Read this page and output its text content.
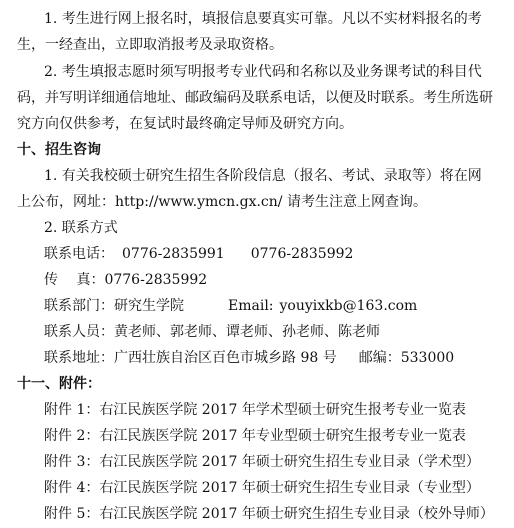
1. 考生进行网上报名时，填报信息要真实可靠。凡以不实材料报名的考
生，一经查出，立即取消报考及录取资格。
2. 考生填报志愿时须写明报考专业代码和名称以及业务课考试的科目代
码，并写明详细通信地址、邮政编码及联系电话，以便及时联系。考生所选研
究方向仅供参考，在复试时最终确定导师及研究方向。
十、招生咨询
1. 有关我校硕士研究生招生各阶段信息（报名、考试、录取等）将在网
上公布，网址：http://www.ymcn.gx.cn/ 请考生注意上网查询。
2. 联系方式
联系电话： 0776-2835991 0776-2835992
传　 真：0776-2835992
联系部门：研究生学院	Email: youyixkb@163.com
联系人员：黄老师、郭老师、谭老师、孙老师、陈老师
联系地址：广西壮族自治区百色市城乡路 98 号 邮编：533000
十一、附件：
附件 1：右江民族医学院 2017 年学术型硕士研究生报考专业一览表
附件 2：右江民族医学院 2017 年专业型硕士研究生报考专业一览表
附件 3：右江民族医学院 2017 年硕士研究生招生专业目录（学术型）
附件 4：右江民族医学院 2017 年硕士研究生招生专业目录（专业型）
附件 5：右江民族医学院 2017 年硕士研究生招生专业目录（校外导师）
